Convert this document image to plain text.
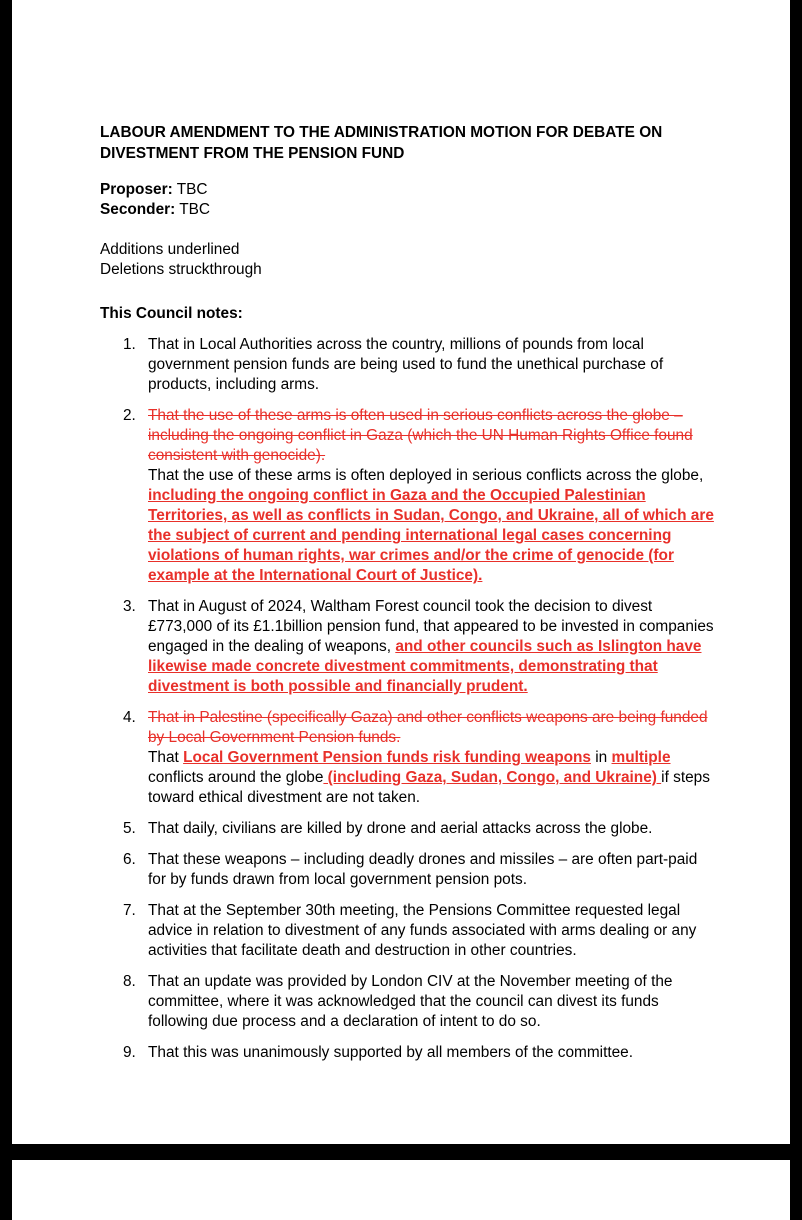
LABOUR AMENDMENT TO THE ADMINISTRATION MOTION FOR DEBATE ON DIVESTMENT FROM THE PENSION FUND

Proposer: TBC

Seconder: TBC

Additions underlined

Deletions struckthrough

This Council notes:

1. That in Local Authorities across the country, millions of pounds from local government pension funds are being used to fund the unethical purchase of products, including arms.
2. That the use of these arms is often used in serious conflicts across the globe – including the ongoing conflict in Gaza (which the UN Human Rights Office found consistent with genocide).
That the use of these arms is often deployed in serious conflicts across the globe, including the ongoing conflict in Gaza and the Occupied Palestinian Territories, as well as conflicts in Sudan, Congo, and Ukraine, all of which are the subject of current and pending international legal cases concerning violations of human rights, war crimes and/or the crime of genocide (for example at the International Court of Justice).
3. That in August of 2024, Waltham Forest council took the decision to divest £773,000 of its £1.1billion pension fund, that appeared to be invested in companies engaged in the dealing of weapons, and other councils such as Islington have likewise made concrete divestment commitments, demonstrating that divestment is both possible and financially prudent.
4. That in Palestine (specifically Gaza) and other conflicts weapons are being funded by Local Government Pension funds.
That Local Government Pension funds risk funding weapons in multiple conflicts around the globe (including Gaza, Sudan, Congo, and Ukraine) if steps toward ethical divestment are not taken.
5. That daily, civilians are killed by drone and aerial attacks across the globe.
6. That these weapons – including deadly drones and missiles – are often part-paid for by funds drawn from local government pension pots.
7. That at the September 30th meeting, the Pensions Committee requested legal advice in relation to divestment of any funds associated with arms dealing or any activities that facilitate death and destruction in other countries.
8. That an update was provided by London CIV at the November meeting of the committee, where it was acknowledged that the council can divest its funds following due process and a declaration of intent to do so.
9. That this was unanimously supported by all members of the committee.
